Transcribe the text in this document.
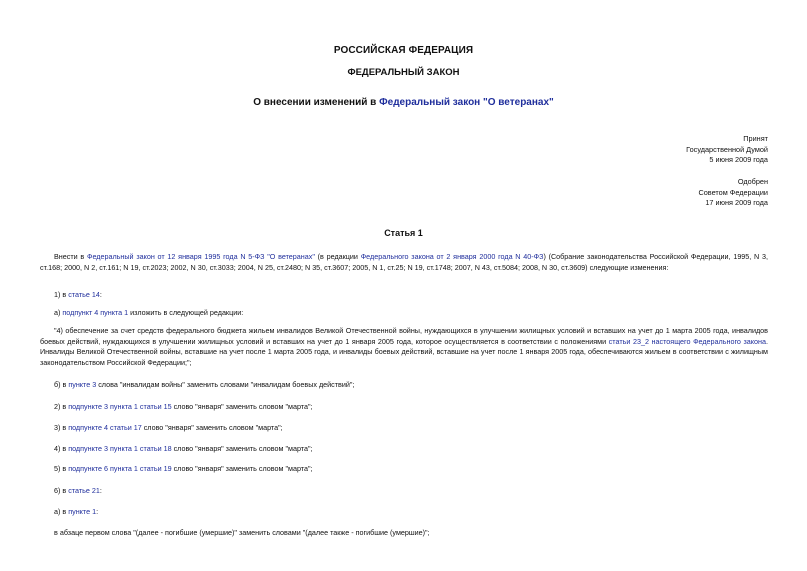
РОССИЙСКАЯ ФЕДЕРАЦИЯ
ФЕДЕРАЛЬНЫЙ ЗАКОН
О внесении изменений в Федеральный закон "О ветеранах"
Принят
Государственной Думой
5 июня 2009 года
Одобрен
Советом Федерации
17 июня 2009 года
Статья 1
Внести в Федеральный закон от 12 января 1995 года N 5-ФЗ "О ветеранах" (в редакции Федерального закона от 2 января 2000 года N 40-ФЗ) (Собрание законодательства Российской Федерации, 1995, N 3, ст.168; 2000, N 2, ст.161; N 19, ст.2023; 2002, N 30, ст.3033; 2004, N 25, ст.2480; N 35, ст.3607; 2005, N 1, ст.25; N 19, ст.1748; 2007, N 43, ст.5084; 2008, N 30, ст.3609) следующие изменения:
1) в статье 14:
а) подпункт 4 пункта 1 изложить в следующей редакции:
"4) обеспечение за счет средств федерального бюджета жильем инвалидов Великой Отечественной войны, нуждающихся в улучшении жилищных условий и вставших на учет до 1 марта 2005 года, инвалидов боевых действий, нуждающихся в улучшении жилищных условий и вставших на учет до 1 января 2005 года, которое осуществляется в соответствии с положениями статьи 23_2 настоящего Федерального закона. Инвалиды Великой Отечественной войны, вставшие на учет после 1 марта 2005 года, и инвалиды боевых действий, вставшие на учет после 1 января 2005 года, обеспечиваются жильем в соответствии с жилищным законодательством Российской Федерации;";
б) в пункте 3 слова "инвалидам войны" заменить словами "инвалидам боевых действий";
2) в подпункте 3 пункта 1 статьи 15 слово "января" заменить словом "марта";
3) в подпункте 4 статьи 17 слово "января" заменить словом "марта";
4) в подпункте 3 пункта 1 статьи 18 слово "января" заменить словом "марта";
5) в подпункте 6 пункта 1 статьи 19 слово "января" заменить словом "марта";
6) в статье 21:
а) в пункте 1:
в абзаце первом слова "(далее - погибшие (умершие)" заменить словами "(далее также - погибшие (умершие)";
